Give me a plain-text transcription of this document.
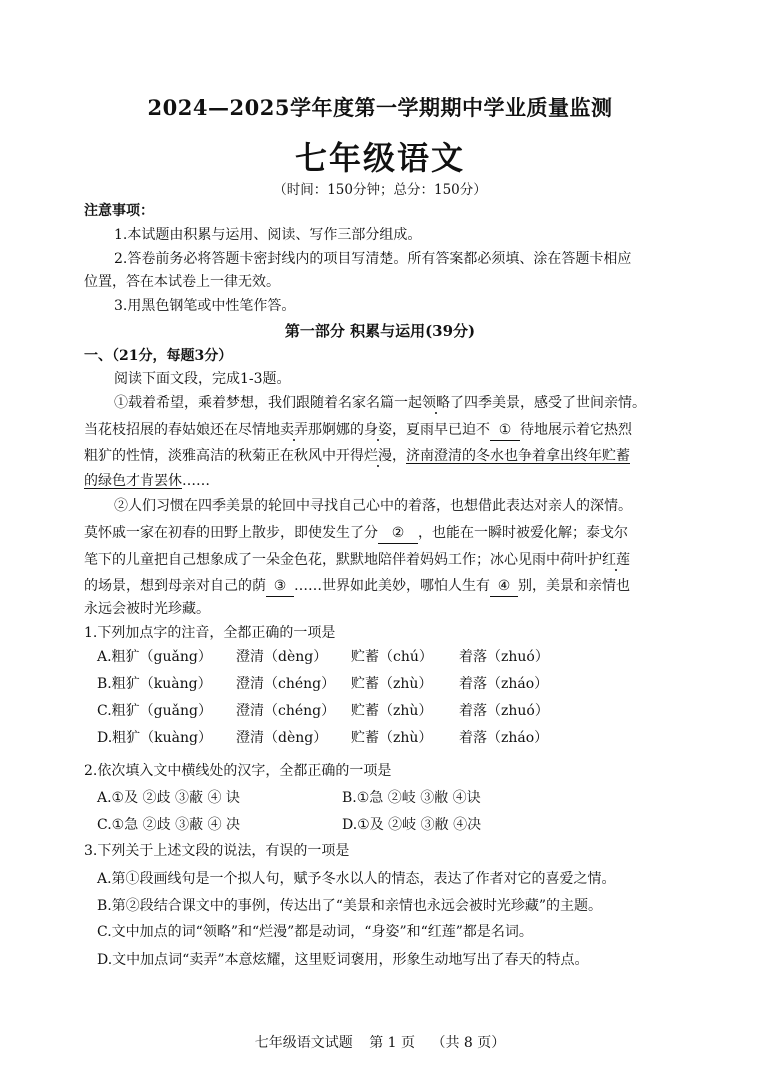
2024—2025学年度第一学期期中学业质量监测
七年级语文
（时间：150分钟；总分：150分）
注意事项：
1.本试题由积累与运用、阅读、写作三部分组成。
2.答卷前务必将答题卡密封线内的项目写清楚。所有答案都必须填、涂在答题卡相应
位置，答在本试卷上一律无效。
3.用黑色钢笔或中性笔作答。
第一部分 积累与运用(39分)
一、（21分，每题3分）
阅读下面文段，完成1-3题。
①载着希望，乘着梦想，我们跟随着名家名篇一起领略了四季美景，感受了世间亲情。
当花枝招展的春姑娘还在尽情地卖弄那婀娜的身姿，夏雨早已迫不 ① 待地展示着它热烈
粗犷的性情，淡雅高洁的秋菊正在秋风中开得烂漫，济南澄清的冬水也争着拿出终年贮蓄
的绿色才肯罢休……
②人们习惯在四季美景的轮回中寻找自己心中的着落，也想借此表达对亲人的深情。
莫怀戚一家在初春的田野上散步，即使发生了分 ② ，也能在一瞬时被爱化解；泰戈尔
笔下的儿童把自己想象成了一朵金色花，默默地陪伴着妈妈工作；冰心见雨中荷叶护红莲
的场景，想到母亲对自己的荫 ③ ……世界如此美妙，哪怕人生有 ④ 别，美景和亲情也
永远会被时光珍藏。
1.下列加点字的注音，全都正确的一项是
A.粗犷（guǎng） 澄清（dèng） 贮蓄（chú） 着落（zhuó）
B.粗犷（kuàng） 澄清（chéng） 贮蓄（zhù） 着落（zháo）
C.粗犷（guǎng） 澄清（chéng） 贮蓄（zhù） 着落（zhuó）
D.粗犷（kuàng） 澄清（dèng） 贮蓄（zhù） 着落（zháo）
2.依次填入文中横线处的汉字，全都正确的一项是
A.①及 ②歧 ③蔽 ④ 诀	B.①急 ②岐 ③敝 ④诀
C.①急 ②歧 ③蔽 ④ 决	D.①及 ②岐 ③敝 ④决
3.下列关于上述文段的说法，有误的一项是
A.第①段画线句是一个拟人句，赋予冬水以人的情态，表达了作者对它的喜爱之情。
B.第②段结合课文中的事例，传达出了“美景和亲情也永远会被时光珍藏”的主题。
C.文中加点的词“领略”和“烂漫”都是动词，“身姿”和“红莲”都是名词。
D.文中加点词“卖弄”本意炫耀，这里贬词褒用，形象生动地写出了春天的特点。
七年级语文试题 第 1 页 （共 8 页）
